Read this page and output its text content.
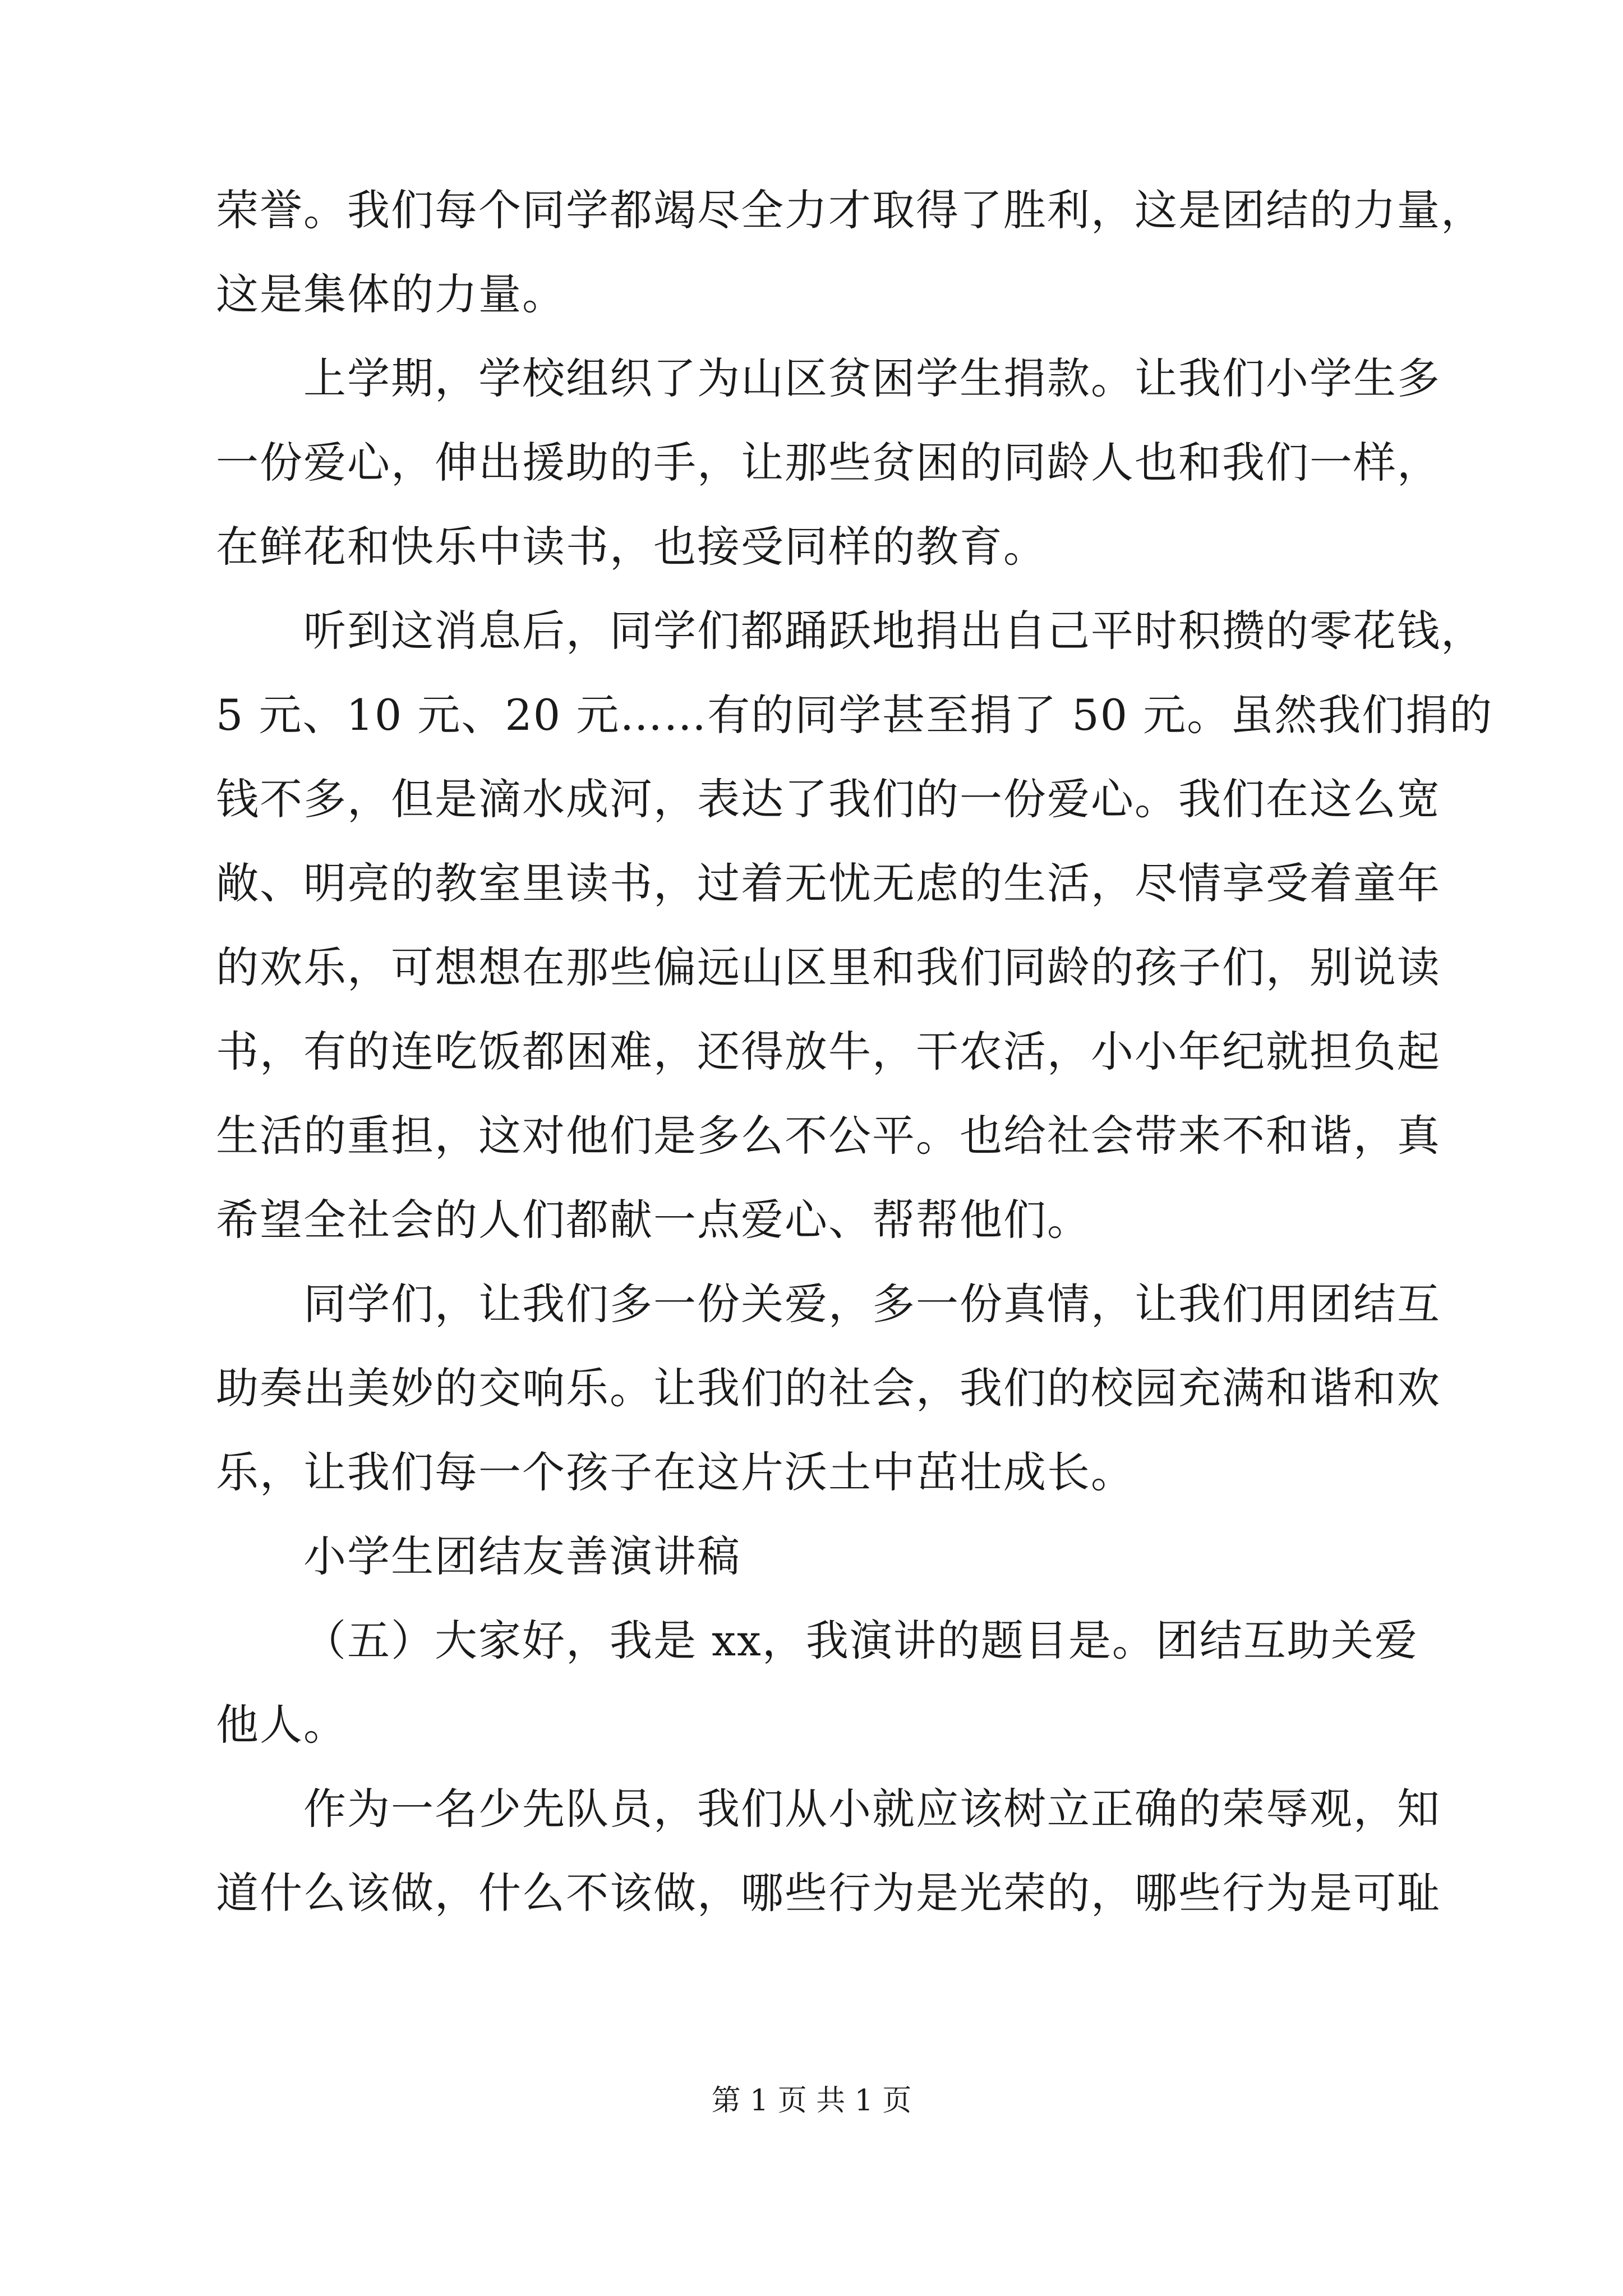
荣誉。我们每个同学都竭尽全力才取得了胜利，这是团结的力量，
这是集体的力量。
上学期，学校组织了为山区贫困学生捐款。让我们小学生多
一份爱心，伸出援助的手，让那些贫困的同龄人也和我们一样，
在鲜花和快乐中读书，也接受同样的教育。
听到这消息后，同学们都踊跃地捐出自己平时积攒的零花钱，
5 元、10 元、20 元……有的同学甚至捐了 50 元。虽然我们捐的
钱不多，但是滴水成河，表达了我们的一份爱心。我们在这么宽
敞、明亮的教室里读书，过着无忧无虑的生活，尽情享受着童年
的欢乐，可想想在那些偏远山区里和我们同龄的孩子们，别说读
书，有的连吃饭都困难，还得放牛，干农活，小小年纪就担负起
生活的重担，这对他们是多么不公平。也给社会带来不和谐，真
希望全社会的人们都献一点爱心、帮帮他们。
同学们，让我们多一份关爱，多一份真情，让我们用团结互
助奏出美妙的交响乐。让我们的社会，我们的校园充满和谐和欢
乐，让我们每一个孩子在这片沃土中茁壮成长。
小学生团结友善演讲稿
（五）大家好，我是 xx，我演讲的题目是。团结互助关爱
他人。
作为一名少先队员，我们从小就应该树立正确的荣辱观，知
道什么该做，什么不该做，哪些行为是光荣的，哪些行为是可耻
第 1 页 共 1 页
